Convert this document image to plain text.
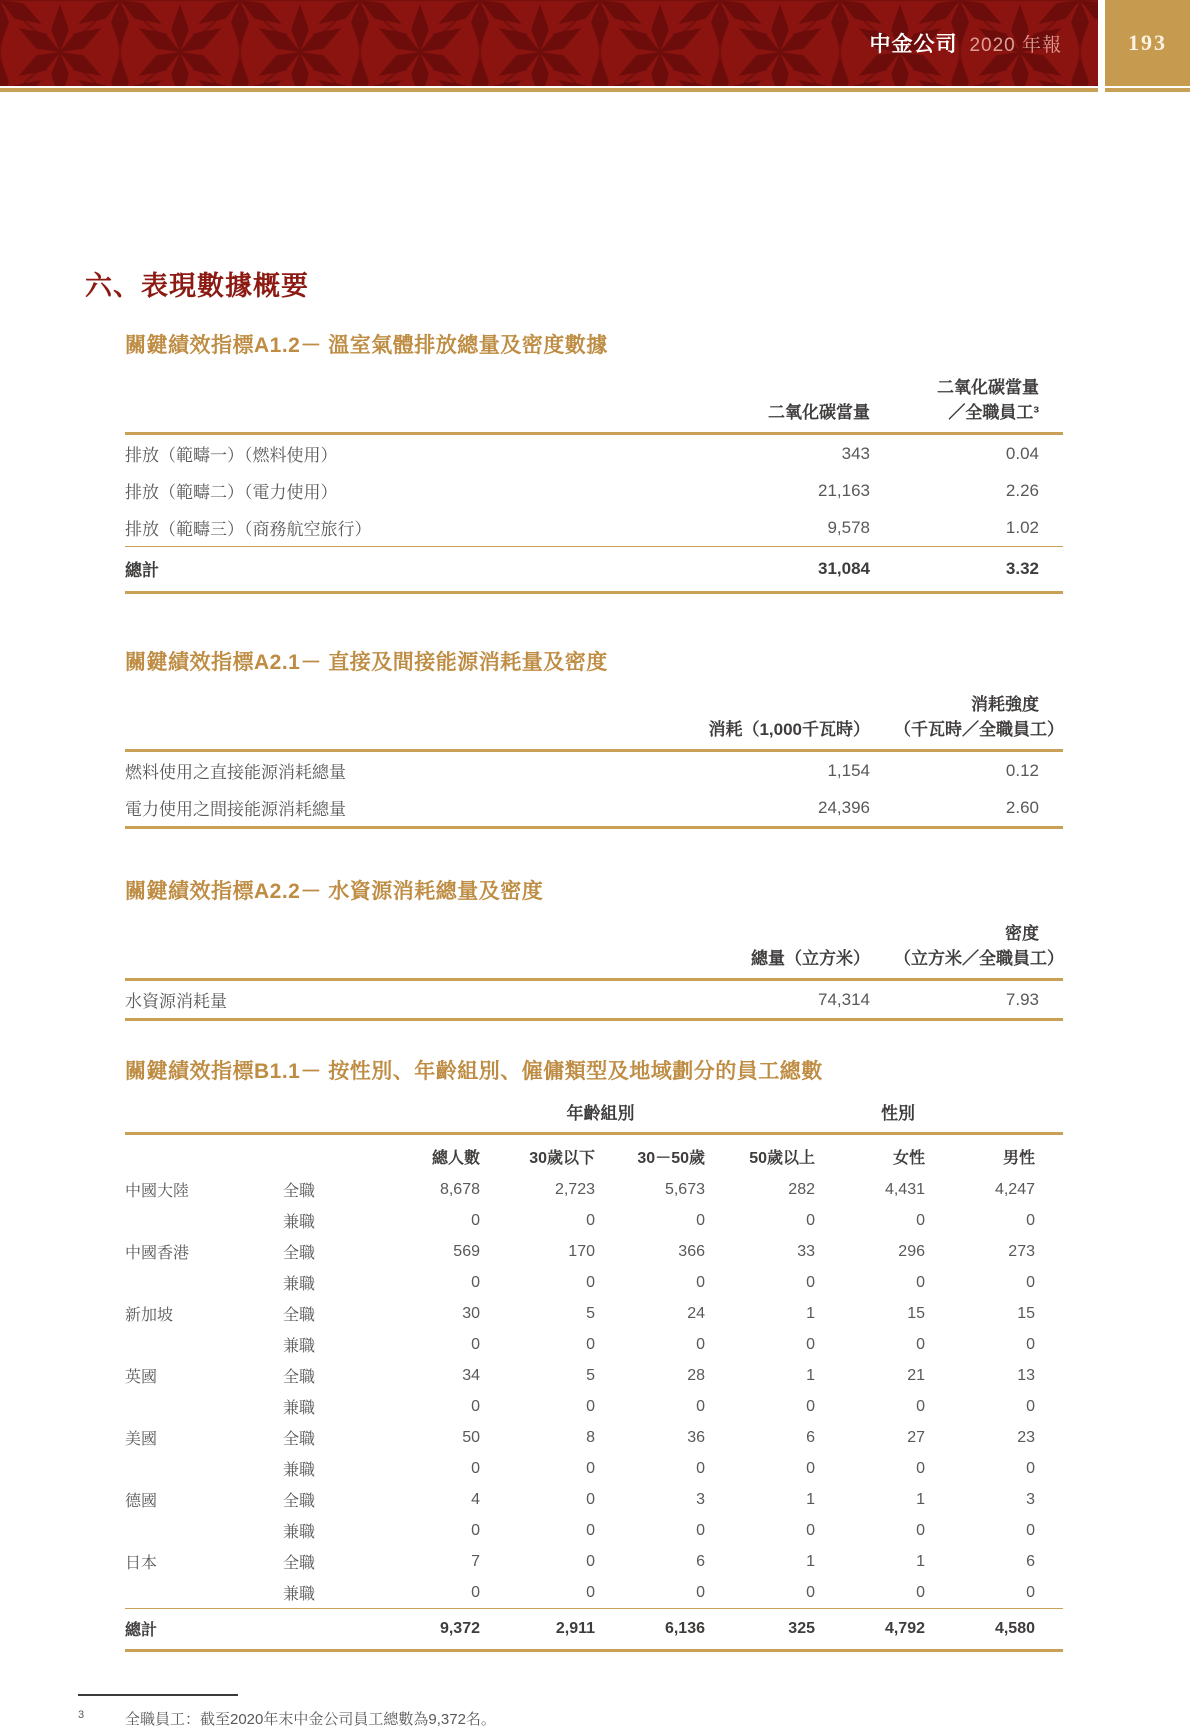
中金公司 2020 年報	193
六、表現數據概要
關鍵績效指標A1.2－ 溫室氣體排放總量及密度數據

	二氧化碳當量	二氧化碳當量
／全職員工³

排放（範疇一）（燃料使用）	343	0.04
排放（範疇二）（電力使用）	21,163	2.26
排放（範疇三）（商務航空旅行）	9,578	1.02
總計	31,084	3.32
關鍵績效指標A2.1－ 直接及間接能源消耗量及密度

	消耗（1,000千瓦時）	消耗強度
（千瓦時／全職員工）

燃料使用之直接能源消耗總量	1,154	0.12
電力使用之間接能源消耗總量	24,396	2.60
關鍵績效指標A2.2－ 水資源消耗總量及密度

	總量（立方米）	密度
（立方米／全職員工）

水資源消耗量	74,314	7.93
關鍵績效指標B1.1－ 按性別、年齡組別、僱傭類型及地域劃分的員工總數
		年齡組別				性別	
		總人數	30歲以下	30－50歲	50歲以上	女性	男性
中國大陸	全職	8,678	2,723	5,673	282	4,431	4,247
	兼職	0	0	0	0	0	0
中國香港	全職	569	170	366	33	296	273
	兼職	0	0	0	0	0	0
新加坡	全職	30	5	24	1	15	15
	兼職	0	0	0	0	0	0
英國	全職	34	5	28	1	21	13
	兼職	0	0	0	0	0	0
美國	全職	50	8	36	6	27	23
	兼職	0	0	0	0	0	0
德國	全職	4	0	3	1	1	3
	兼職	0	0	0	0	0	0
日本	全職	7	0	6	1	1	6
	兼職	0	0	0	0	0	0
總計		9,372	2,911	6,136	325	4,792	4,580
3	全職員工：截至2020年末中金公司員工總數為9,372名。
